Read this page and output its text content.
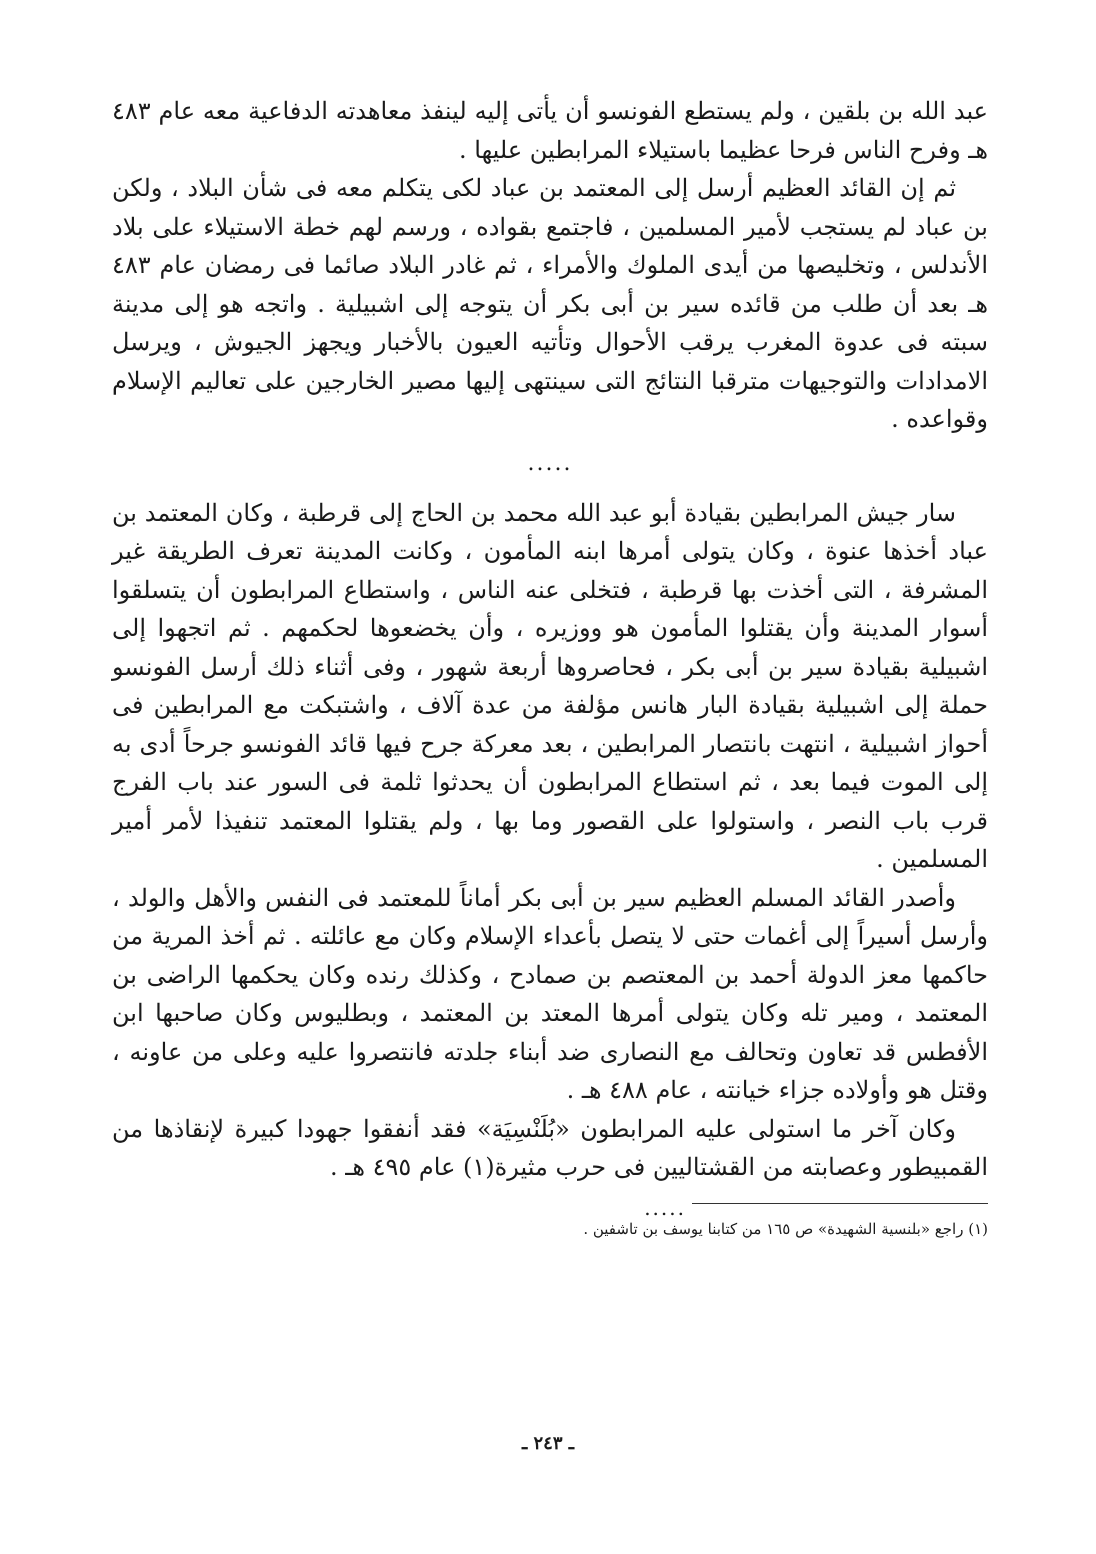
عبد الله بن بلقين ، ولم يستطع الفونسو أن يأتى إليه لينفذ معاهدته الدفاعية معه عام ٤٨٣ هـ وفرح الناس فرحا عظيما باستيلاء المرابطين عليها .

ثم إن القائد العظيم أرسل إلى المعتمد بن عباد لكى يتكلم معه فى شأن البلاد ، ولكن بن عباد لم يستجب لأمير المسلمين ، فاجتمع بقواده ، ورسم لهم خطة الاستيلاء على بلاد الأندلس ، وتخليصها من أيدى الملوك والأمراء ، ثم غادر البلاد صائما فى رمضان عام ٤٨٣ هـ بعد أن طلب من قائده سير بن أبى بكر أن يتوجه إلى اشبيلية . واتجه هو إلى مدينة سبته فى عدوة المغرب يرقب الأحوال وتأتيه العيون بالأخبار ويجهز الجيوش ، ويرسل الامدادات والتوجيهات مترقبا النتائج التى سينتهى إليها مصير الخارجين على تعاليم الإسلام وقواعده .

.....

سار جيش المرابطين بقيادة أبو عبد الله محمد بن الحاج إلى قرطبة ، وكان المعتمد بن عباد أخذها عنوة ، وكان يتولى أمرها ابنه المأمون ، وكانت المدينة تعرف الطريقة غير المشرفة ، التى أخذت بها قرطبة ، فتخلى عنه الناس ، واستطاع المرابطون أن يتسلقوا أسوار المدينة وأن يقتلوا المأمون هو ووزيره ، وأن يخضعوها لحكمهم . ثم اتجهوا إلى اشبيلية بقيادة سير بن أبى بكر ، فحاصروها أربعة شهور ، وفى أثناء ذلك أرسل الفونسو حملة إلى اشبيلية بقيادة البار هانس مؤلفة من عدة آلاف ، واشتبكت مع المرابطين فى أحواز اشبيلية ، انتهت بانتصار المرابطين ، بعد معركة جرح فيها قائد الفونسو جرحاً أدى به إلى الموت فيما بعد ، ثم استطاع المرابطون أن يحدثوا ثلمة فى السور عند باب الفرج قرب باب النصر ، واستولوا على القصور وما بها ، ولم يقتلوا المعتمد تنفيذا لأمر أمير المسلمين .

وأصدر القائد المسلم العظيم سير بن أبى بكر أماناً للمعتمد فى النفس والأهل والولد ، وأرسل أسيراً إلى أغمات حتى لا يتصل بأعداء الإسلام وكان مع عائلته . ثم أخذ المرية من حاكمها معز الدولة أحمد بن المعتصم بن صمادح ، وكذلك رنده وكان يحكمها الراضى بن المعتمد ، ومير تله وكان يتولى أمرها المعتد بن المعتمد ، وبطليوس وكان صاحبها ابن الأفطس قد تعاون وتحالف مع النصارى ضد أبناء جلدته فانتصروا عليه وعلى من عاونه ، وقتل هو وأولاده جزاء خيانته ، عام ٤٨٨ هـ .

وكان آخر ما استولى عليه المرابطون «بُلَنْسِيَة» فقد أنفقوا جهودا كبيرة لإنقاذها من القمبيطور وعصابته من القشتاليين فى حرب مثيرة(١) عام ٤٩٥ هـ .

.....

(١) راجع «بلنسية الشهيدة» ص ١٦٥ من كتابنا يوسف بن تاشفين .

ـ ٢٤٣ ـ
